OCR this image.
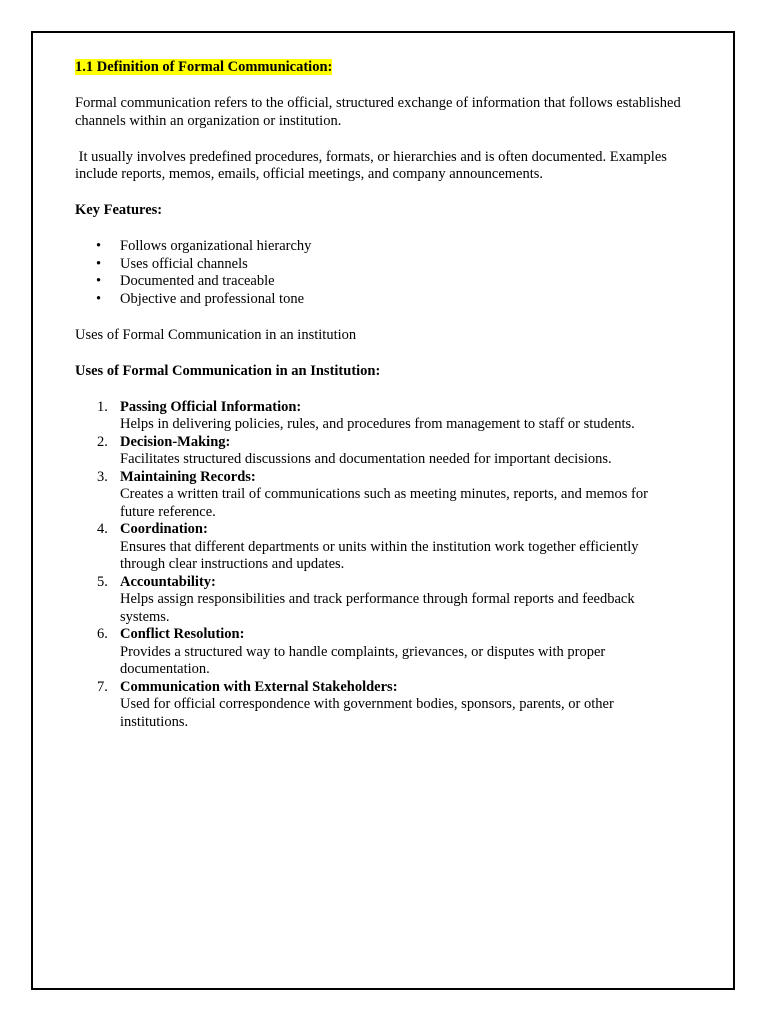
1.1 Definition of Formal Communication:

Formal communication refers to the official, structured exchange of information that follows established channels within an organization or institution.

It usually involves predefined procedures, formats, or hierarchies and is often documented. Examples include reports, memos, emails, official meetings, and company announcements.

Key Features:

• Follows organizational hierarchy
• Uses official channels
• Documented and traceable
• Objective and professional tone

Uses of Formal Communication in an institution

Uses of Formal Communication in an Institution:

1. Passing Official Information:
Helps in delivering policies, rules, and procedures from management to staff or students.
2. Decision-Making:
Facilitates structured discussions and documentation needed for important decisions.
3. Maintaining Records:
Creates a written trail of communications such as meeting minutes, reports, and memos for future reference.
4. Coordination:
Ensures that different departments or units within the institution work together efficiently through clear instructions and updates.
5. Accountability:
Helps assign responsibilities and track performance through formal reports and feedback systems.
6. Conflict Resolution:
Provides a structured way to handle complaints, grievances, or disputes with proper documentation.
7. Communication with External Stakeholders:
Used for official correspondence with government bodies, sponsors, parents, or other institutions.
